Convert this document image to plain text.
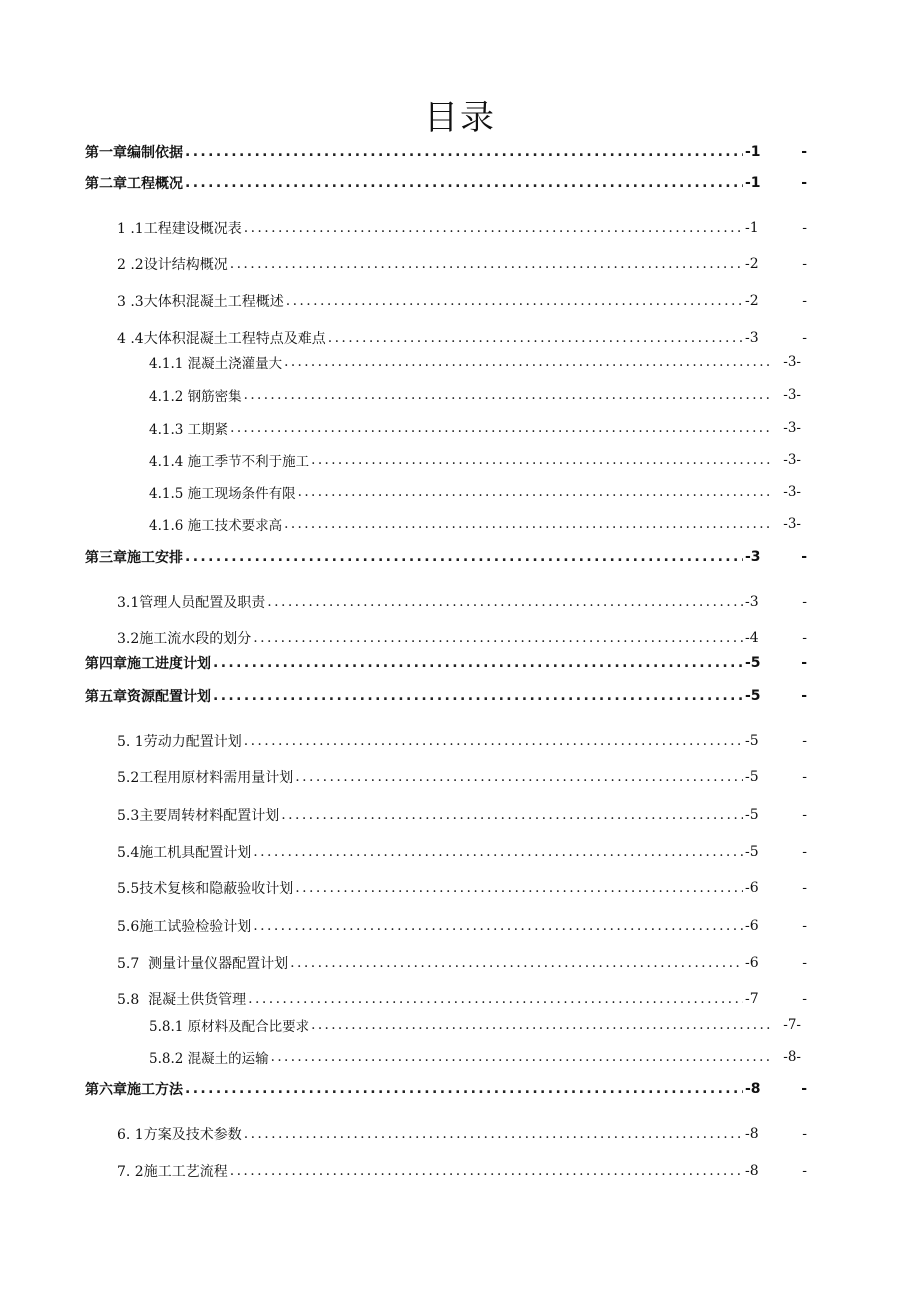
目录
第一章编制依据 .....	-1	-
第二章工程概况 .....	-1	-
1 .1工程建设概况表 .....	-1	-
2 .2设计结构概况 .....	-2	-
3 .3大体积混凝土工程概述 .....	-2	-
4 .4大体积混凝土工程特点及难点 .....	-3	-
4.1.1 混凝土浇灌量大 .....	-3-
4.1.2 钢筋密集 .....	-3-
4.1.3 工期紧 .....	-3-
4.1.4 施工季节不利于施工 .....	-3-
4.1.5 施工现场条件有限 .....	-3-
4.1.6 施工技术要求高 .....	-3-
第三章施工安排 .....	-3	-
3.1管理人员配置及职责 .....	-3	-
3.2施工流水段的划分 .....	-4	-
第四章施工进度计划 .....	-5	-
第五章资源配置计划 .....	-5	-
5. 1劳动力配置计划 .....	-5	-
5.2工程用原材料需用量计划 .....	-5	-
5.3主要周转材料配置计划 .....	-5	-
5.4施工机具配置计划 .....	-5	-
5.5技术复核和隐蔽验收计划 .....	-6	-
5.6施工试验检验计划 .....	-6	-
5.7  测量计量仪器配置计划 .....	-6	-
5.8  混凝土供货管理 .....	-7	-
5.8.1 原材料及配合比要求 .....	-7-
5.8.2 混凝土的运输 .....	-8-
第六章施工方法 .....	-8	-
6. 1方案及技术参数 .....	-8	-
7. 2施工工艺流程 .....	-8	-
